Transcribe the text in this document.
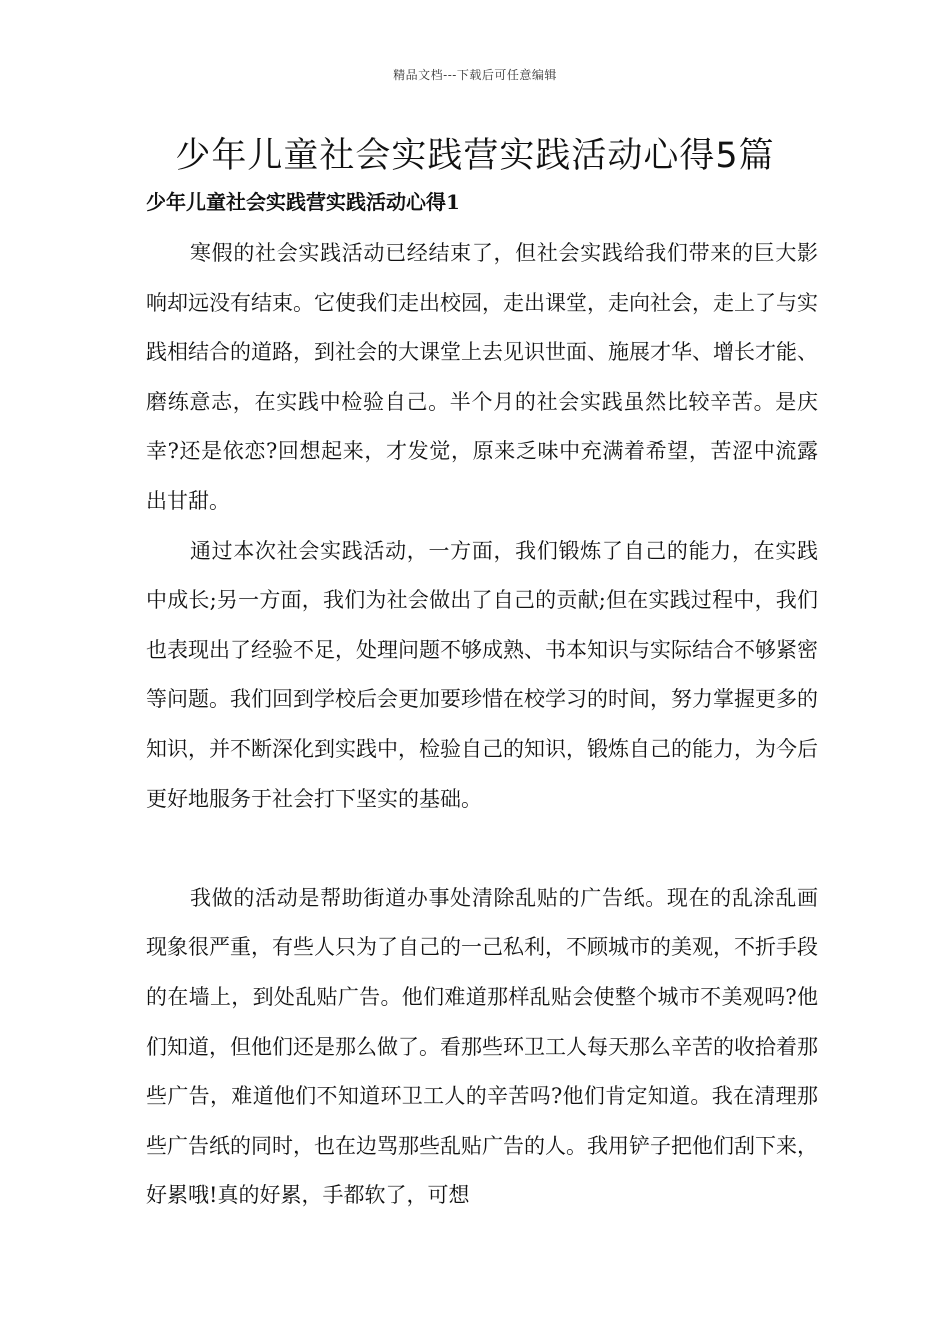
精品文档---下载后可任意编辑
少年儿童社会实践营实践活动心得5篇
少年儿童社会实践营实践活动心得1

寒假的社会实践活动已经结束了，但社会实践给我们带来的巨大影响却远没有结束。它使我们走出校园，走出课堂，走向社会，走上了与实践相结合的道路，到社会的大课堂上去见识世面、施展才华、增长才能、磨练意志，在实践中检验自己。半个月的社会实践虽然比较辛苦。是庆幸?还是依恋?回想起来，才发觉，原来乏味中充满着希望，苦涩中流露出甘甜。

通过本次社会实践活动，一方面，我们锻炼了自己的能力，在实践中成长;另一方面，我们为社会做出了自己的贡献;但在实践过程中，我们也表现出了经验不足，处理问题不够成熟、书本知识与实际结合不够紧密等问题。我们回到学校后会更加要珍惜在校学习的时间，努力掌握更多的知识，并不断深化到实践中，检验自己的知识，锻炼自己的能力，为今后更好地服务于社会打下坚实的基础。

我做的活动是帮助街道办事处清除乱贴的广告纸。现在的乱涂乱画现象很严重，有些人只为了自己的一己私利，不顾城市的美观，不折手段的在墙上，到处乱贴广告。他们难道那样乱贴会使整个城市不美观吗?他们知道，但他们还是那么做了。看那些环卫工人每天那么辛苦的收拾着那些广告，难道他们不知道环卫工人的辛苦吗?他们肯定知道。我在清理那些广告纸的同时，也在边骂那些乱贴广告的人。我用铲子把他们刮下来，好累哦!真的好累，手都软了，可想
